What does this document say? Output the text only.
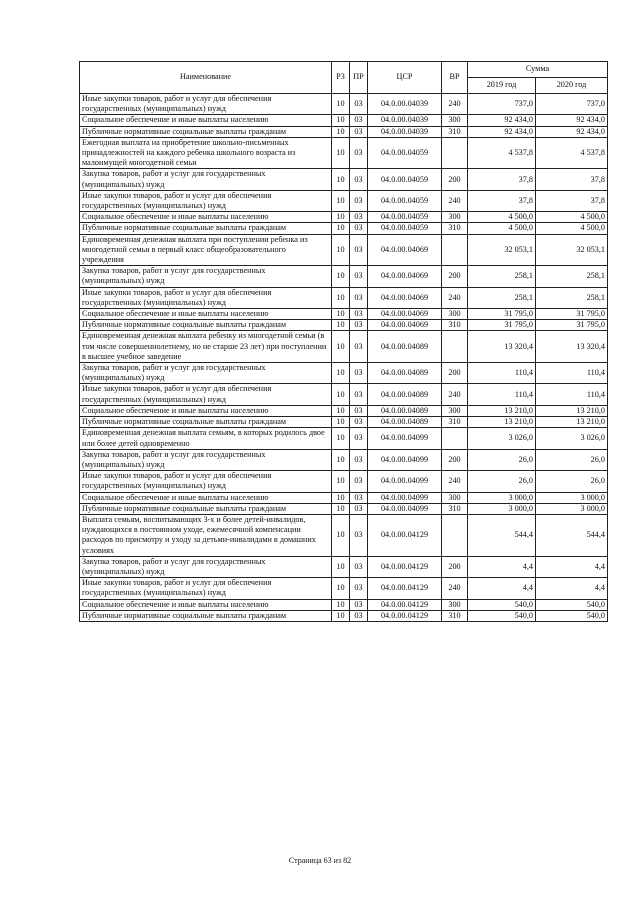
Наименование	РЗ	ПР	ЦСР	ВР	Сумма	
					2019 год	2020 год
Иные закупки товаров, работ и услуг для обеспечения государственных (муниципальных) нужд	10	03	04.0.00.04039	240	737,0	737,0
Социальное обеспечение и иные выплаты населению	10	03	04.0.00.04039	300	92 434,0	92 434,0
Публичные нормативные социальные выплаты гражданам	10	03	04.0.00.04039	310	92 434,0	92 434,0
Ежегодная выплата на приобретение школьно-письменных принадлежностей на каждого ребенка школьного возраста из малоимущей многодетной семьи	10	03	04.0.00.04059		4 537,8	4 537,8
Закупка товаров, работ и услуг для государственных (муниципальных) нужд	10	03	04.0.00.04059	200	37,8	37,8
Иные закупки товаров, работ и услуг для обеспечения государственных (муниципальных) нужд	10	03	04.0.00.04059	240	37,8	37,8
Социальное обеспечение и иные выплаты населению	10	03	04.0.00.04059	300	4 500,0	4 500,0
Публичные нормативные социальные выплаты гражданам	10	03	04.0.00.04059	310	4 500,0	4 500,0
Единовременная денежная выплата при поступлении ребенка из многодетной семьи в первый класс общеобразовательного учреждения	10	03	04.0.00.04069		32 053,1	32 053,1
Закупка товаров, работ и услуг для государственных (муниципальных) нужд	10	03	04.0.00.04069	200	258,1	258,1
Иные закупки товаров, работ и услуг для обеспечения государственных (муниципальных) нужд	10	03	04.0.00.04069	240	258,1	258,1
Социальное обеспечение и иные выплаты населению	10	03	04.0.00.04069	300	31 795,0	31 795,0
Публичные нормативные социальные выплаты гражданам	10	03	04.0.00.04069	310	31 795,0	31 795,0
Единовременная денежная выплата ребенку из многодетной семьи (в том числе совершеннолетнему, но не старше 23 лет) при поступлении в высшее учебное заведение	10	03	04.0.00.04089		13 320,4	13 320,4
Закупка товаров, работ и услуг для государственных (муниципальных) нужд	10	03	04.0.00.04089	200	110,4	110,4
Иные закупки товаров, работ и услуг для обеспечения государственных (муниципальных) нужд	10	03	04.0.00.04089	240	110,4	110,4
Социальное обеспечение и иные выплаты населению	10	03	04.0.00.04089	300	13 210,0	13 210,0
Публичные нормативные социальные выплаты гражданам	10	03	04.0.00.04089	310	13 210,0	13 210,0
Единовременная денежная выплата семьям, в которых родилось двое или более детей одновременно	10	03	04.0.00.04099		3 026,0	3 026,0
Закупка товаров, работ и услуг для государственных (муниципальных) нужд	10	03	04.0.00.04099	200	26,0	26,0
Иные закупки товаров, работ и услуг для обеспечения государственных (муниципальных) нужд	10	03	04.0.00.04099	240	26,0	26,0
Социальное обеспечение и иные выплаты населению	10	03	04.0.00.04099	300	3 000,0	3 000,0
Публичные нормативные социальные выплаты гражданам	10	03	04.0.00.04099	310	3 000,0	3 000,0
Выплата семьям, воспитывающих 3-х и более детей-инвалидов, нуждающихся в постоянном уходе, ежемесячной компенсации расходов по присмотру и уходу за детьми-инвалидами в домашних условиях	10	03	04.0.00.04129		544,4	544,4
Закупка товаров, работ и услуг для государственных (муниципальных) нужд	10	03	04.0.00.04129	200	4,4	4,4
Иные закупки товаров, работ и услуг для обеспечения государственных (муниципальных) нужд	10	03	04.0.00.04129	240	4,4	4,4
Социальное обеспечение и иные выплаты населению	10	03	04.0.00.04129	300	540,0	540,0
Публичные нормативные социальные выплаты гражданам	10	03	04.0.00.04129	310	540,0	540,0
Страница 63 из 82
